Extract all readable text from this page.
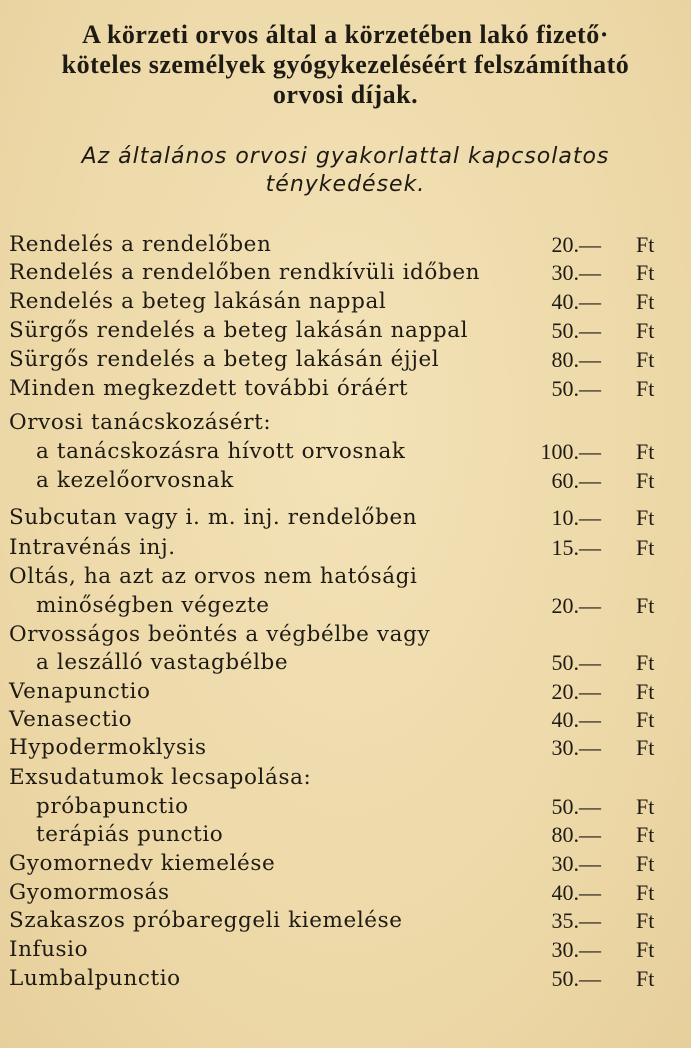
A körzeti orvos által a körzetében lakó fizető·
köteles személyek gyógykezeléséért felszámítható
orvosi díjak.
Az általános orvosi gyakorlattal kapcsolatos
ténykedések.
Rendelés a rendelőben	20.— Ft
Rendelés a rendelőben rendkívüli időben	30.— Ft
Rendelés a beteg lakásán nappal	40.— Ft
Sürgős rendelés a beteg lakásán nappal	50.— Ft
Sürgős rendelés a beteg lakásán éjjel	80.— Ft
Minden megkezdett további óráért	50.— Ft
Orvosi tanácskozásért:
a tanácskozásra hívott orvosnak	100.— Ft
a kezelőorvosnak	60.— Ft
Subcutan vagy i. m. inj. rendelőben	10.— Ft
Intravénás inj.	15.— Ft
Oltás, ha azt az orvos nem hatósági
minőségben végezte	20.— Ft
Orvosságos beöntés a végbélbe vagy
a leszálló vastagbélbe	50.— Ft
Venapunctio	20.— Ft
Venasectio	40.— Ft
Hypodermoklysis	30.— Ft
Exsudatumok lecsapolása:
próbapunctio	50.— Ft
terápiás punctio	80.— Ft
Gyomornedv kiemelése	30.— Ft
Gyomormosás	40.— Ft
Szakaszos próbareggeli kiemelése	35.— Ft
Infusio	30.— Ft
Lumbalpunctio	50.— Ft
